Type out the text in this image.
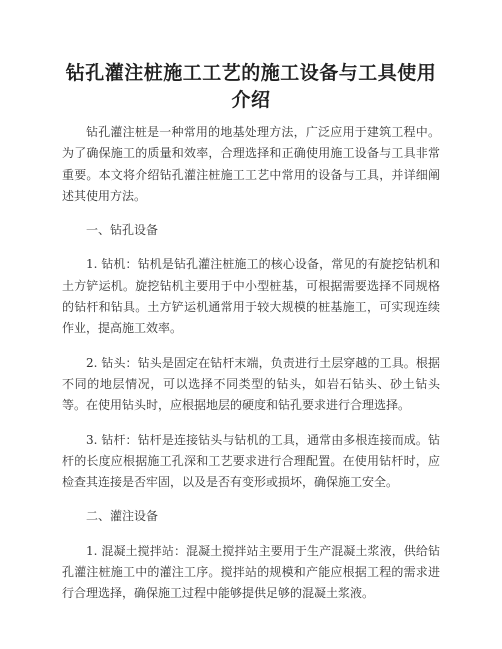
钻孔灌注桩施工工艺的施工设备与工具使用介绍

钻孔灌注桩是一种常用的地基处理方法，广泛应用于建筑工程中。为了确保施工的质量和效率，合理选择和正确使用施工设备与工具非常重要。本文将介绍钻孔灌注桩施工工艺中常用的设备与工具，并详细阐述其使用方法。

一、钻孔设备

1. 钻机：钻机是钻孔灌注桩施工的核心设备，常见的有旋挖钻机和土方铲运机。旋挖钻机主要用于中小型桩基，可根据需要选择不同规格的钻杆和钻具。土方铲运机通常用于较大规模的桩基施工，可实现连续作业，提高施工效率。

2. 钻头：钻头是固定在钻杆末端，负责进行土层穿越的工具。根据不同的地层情况，可以选择不同类型的钻头，如岩石钻头、砂土钻头等。在使用钻头时，应根据地层的硬度和钻孔要求进行合理选择。

3. 钻杆：钻杆是连接钻头与钻机的工具，通常由多根连接而成。钻杆的长度应根据施工孔深和工艺要求进行合理配置。在使用钻杆时，应检查其连接是否牢固，以及是否有变形或损坏，确保施工安全。

二、灌注设备

1. 混凝土搅拌站：混凝土搅拌站主要用于生产混凝土浆液，供给钻孔灌注桩施工中的灌注工序。搅拌站的规模和产能应根据工程的需求进行合理选择，确保施工过程中能够提供足够的混凝土浆液。
